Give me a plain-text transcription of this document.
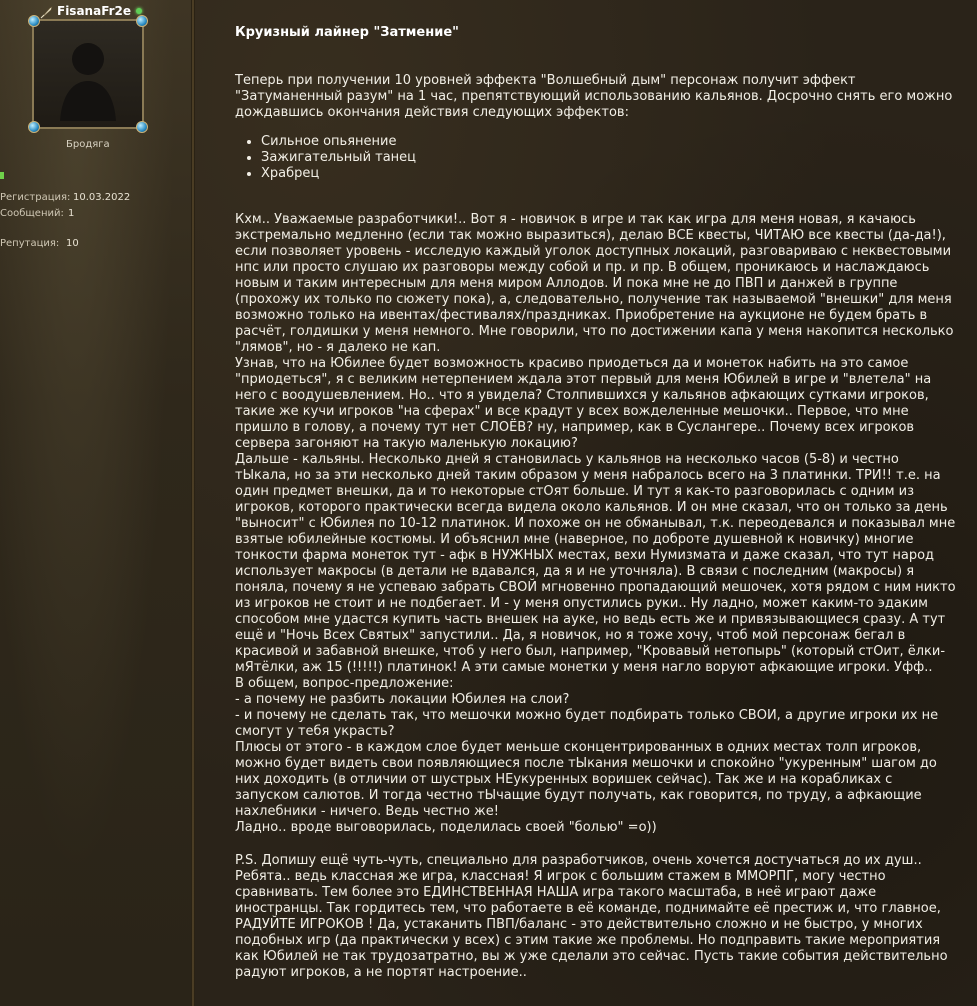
FisanaFr2e
Бродяга
Регистрация: 10.03.2022
Сообщений: 1
Репутация: 10
Круизный лайнер "Затмение"

Теперь при получении 10 уровней эффекта "Волшебный дым" персонаж получит эффект "Затуманенный разум" на 1 час, препятствующий использованию кальянов. Досрочно снять его можно дождавшись окончания действия следующих эффектов:

• Сильное опьянение
• Зажигательный танец
• Храбрец

Кхм.. Уважаемые разработчики!.. Вот я - новичок в игре и так как игра для меня новая, я качаюсь экстремально медленно (если так можно выразиться), делаю ВСЕ квесты, ЧИТАЮ все квесты (да-да!), если позволяет уровень - исследую каждый уголок доступных локаций, разговариваю с неквестовыми нпс или просто слушаю их разговоры между собой и пр. и пр. В общем, проникаюсь и наслаждаюсь новым и таким интересным для меня миром Аллодов. И пока мне не до ПВП и данжей в группе (прохожу их только по сюжету пока), а, следовательно, получение так называемой "внешки" для меня возможно только на ивентах/фестивалях/праздниках. Приобретение на аукционе не будем брать в расчёт, голдишки у меня немного. Мне говорили, что по достижении капа у меня накопится несколько "лямов", но - я далеко не кап.

Узнав, что на Юбилее будет возможность красиво приодеться да и монеток набить на это самое "приодеться", я с великим нетерпением ждала этот первый для меня Юбилей в игре и "влетела" на него с воодушевлением. Но.. что я увидела? Столпившихся у кальянов афкающих сутками игроков, такие же кучи игроков "на сферах" и все крадут у всех вожделенные мешочки.. Первое, что мне пришло в голову, а почему тут нет СЛОЁВ? ну, например, как в Суслангере.. Почему всех игроков сервера загоняют на такую маленькую локацию?

Дальше - кальяны. Несколько дней я становилась у кальянов на несколько часов (5-8) и честно тЫкала, но за эти несколько дней таким образом у меня набралось всего на 3 платинки. ТРИ!! т.е. на один предмет внешки, да и то некоторые стОят больше. И тут я как-то разговорилась с одним из игроков, которого практически всегда видела около кальянов. И он мне сказал, что он только за день "выносит" с Юбилея по 10-12 платинок. И похоже он не обманывал, т.к. переодевался и показывал мне взятые юбилейные костюмы. И объяснил мне (наверное, по доброте душевной к новичку) многие тонкости фарма монеток тут - афк в НУЖНЫХ местах, вехи Нумизмата и даже сказал, что тут народ использует макросы (в детали не вдавался, да я и не уточняла). В связи с последним (макросы) я поняла, почему я не успеваю забрать СВОЙ мгновенно пропадающий мешочек, хотя рядом с ним никто из игроков не стоит и не подбегает. И - у меня опустились руки.. Ну ладно, может каким-то эдаким способом мне удастся купить часть внешек на ауке, но ведь есть же и привязывающиеся сразу. А тут ещё и "Ночь Всех Святых" запустили.. Да, я новичок, но я тоже хочу, чтоб мой персонаж бегал в красивой и забавной внешке, чтоб у него был, например, "Кровавый нетопырь" (который стОит, ёлки-мЯтёлки, аж 15 (!!!!!) платинок! А эти самые монетки у меня нагло воруют афкающие игроки. Уфф..

В общем, вопрос-предложение:

- а почему не разбить локации Юбилея на слои?

- и почему не сделать так, что мешочки можно будет подбирать только СВОИ, а другие игроки их не смогут у тебя украсть?

Плюсы от этого - в каждом слое будет меньше сконцентрированных в одних местах толп игроков, можно будет видеть свои появляющиеся после тЫкания мешочки и спокойно "укуренным" шагом до них доходить (в отличии от шустрых НЕукуренных воришек сейчас). Так же и на корабликах с запуском салютов. И тогда честно тЫчащие будут получать, как говорится, по труду, а афкающие нахлебники - ничего. Ведь честно же!

Ладно.. вроде выговорилась, поделилась своей "болью" =о))

P.S. Допишу ещё чуть-чуть, специально для разработчиков, очень хочется достучаться до их душ.. Ребята.. ведь классная же игра, классная! Я игрок с большим стажем в ММОРПГ, могу честно сравнивать. Тем более это ЕДИНСТВЕННАЯ НАША игра такого масштаба, в неё играют даже иностранцы. Так гордитесь тем, что работаете в её команде, поднимайте её престиж и, что главное, РАДУЙТЕ ИГРОКОВ ! Да, устаканить ПВП/баланс - это действительно сложно и не быстро, у многих подобных игр (да практически у всех) с этим такие же проблемы. Но подправить такие мероприятия как Юбилей не так трудозатратно, вы ж уже сделали это сейчас. Пусть такие события действительно радуют игроков, а не портят настроение..
